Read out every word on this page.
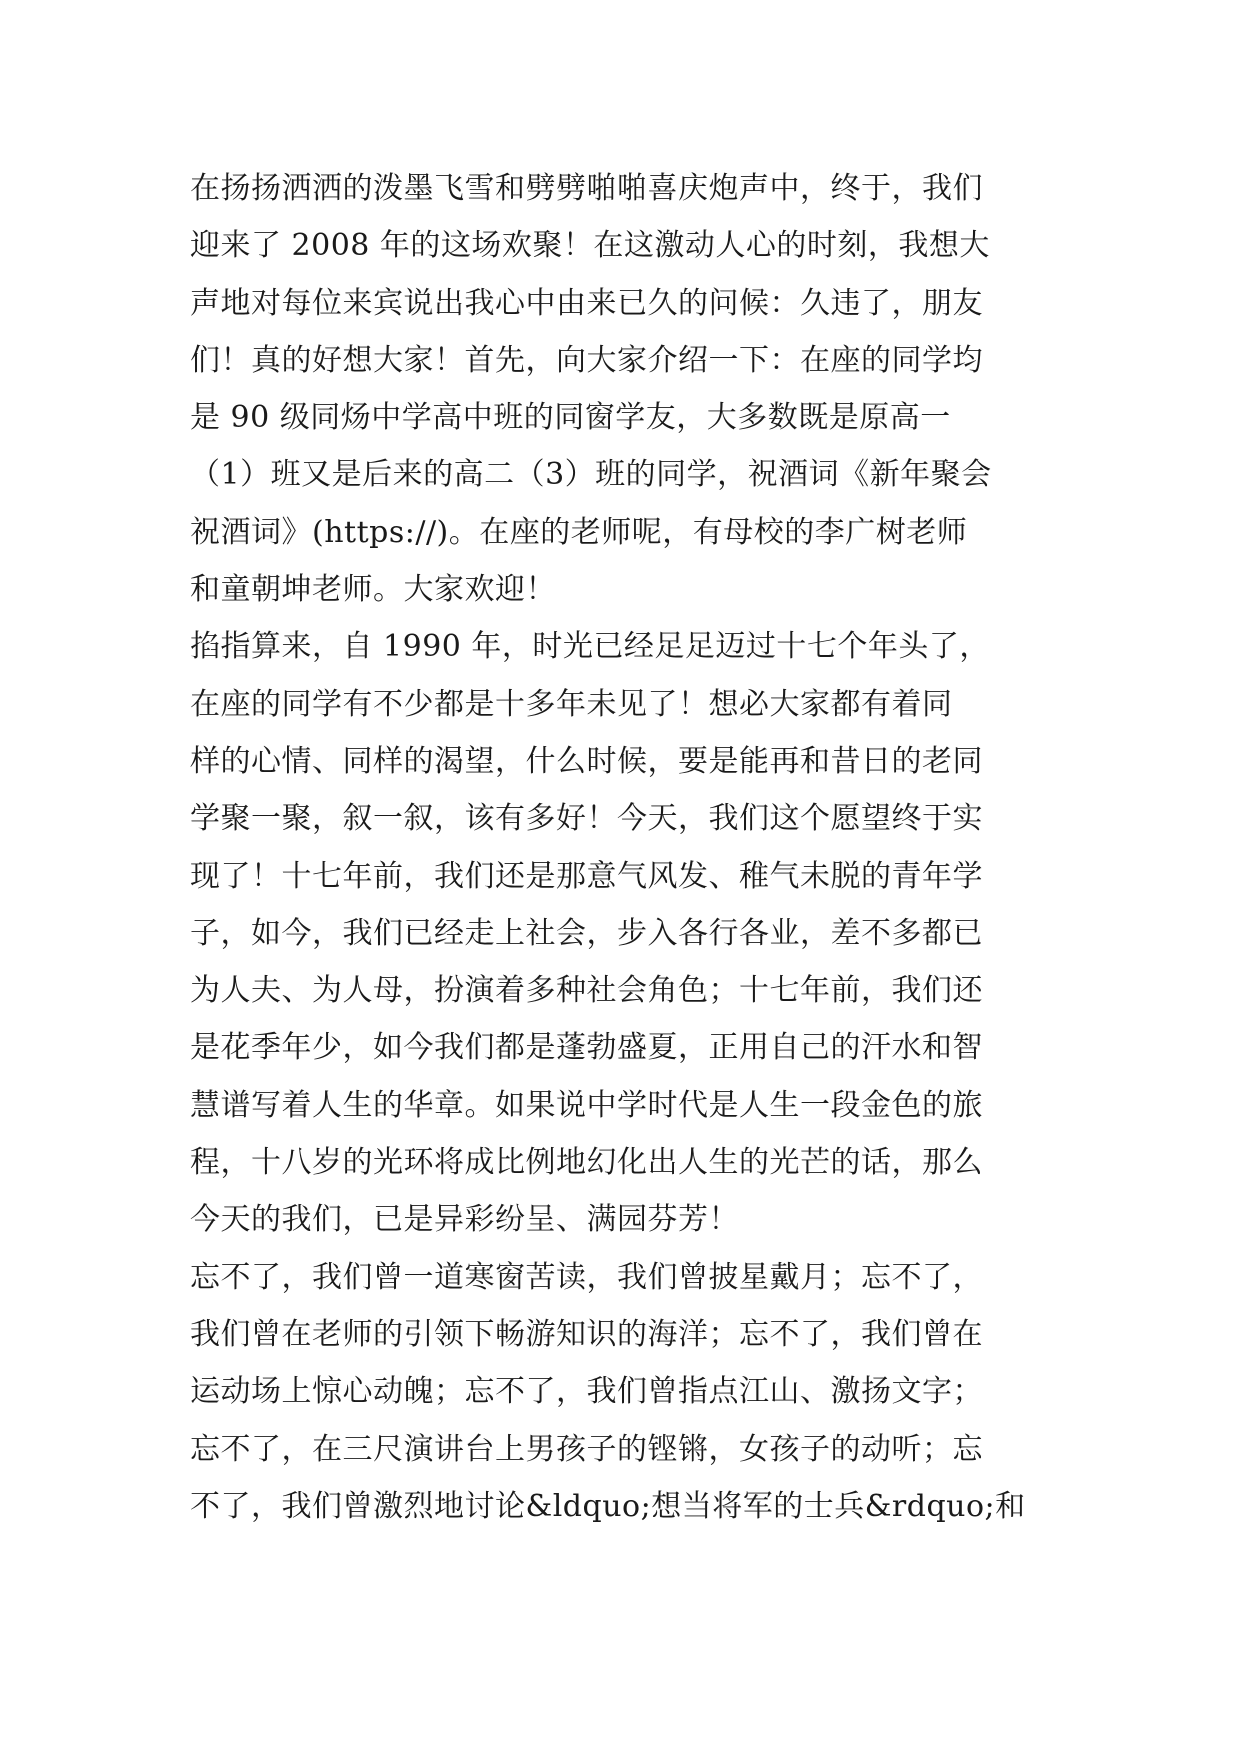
在扬扬洒洒的泼墨飞雪和劈劈啪啪喜庆炮声中，终于，我们
迎来了 2008 年的这场欢聚！在这激动人心的时刻，我想大
声地对每位来宾说出我心中由来已久的问候：久违了，朋友
们！真的好想大家！首先，向大家介绍一下：在座的同学均
是 90 级同炀中学高中班的同窗学友，大多数既是原高一
（1）班又是后来的高二（3）班的同学，祝酒词《新年聚会
祝酒词》(https://)。在座的老师呢，有母校的李广树老师
和童朝坤老师。大家欢迎！
掐指算来，自 1990 年，时光已经足足迈过十七个年头了，
在座的同学有不少都是十多年未见了！想必大家都有着同
样的心情、同样的渴望，什么时候，要是能再和昔日的老同
学聚一聚，叙一叙，该有多好！今天，我们这个愿望终于实
现了！十七年前，我们还是那意气风发、稚气未脱的青年学
子，如今，我们已经走上社会，步入各行各业，差不多都已
为人夫、为人母，扮演着多种社会角色；十七年前，我们还
是花季年少，如今我们都是蓬勃盛夏，正用自己的汗水和智
慧谱写着人生的华章。如果说中学时代是人生一段金色的旅
程，十八岁的光环将成比例地幻化出人生的光芒的话，那么
今天的我们，已是异彩纷呈、满园芬芳！
忘不了，我们曾一道寒窗苦读，我们曾披星戴月；忘不了，
我们曾在老师的引领下畅游知识的海洋；忘不了，我们曾在
运动场上惊心动魄；忘不了，我们曾指点江山、激扬文字；
忘不了，在三尺演讲台上男孩子的铿锵，女孩子的动听；忘
不了，我们曾激烈地讨论&ldquo;想当将军的士兵&rdquo;和
